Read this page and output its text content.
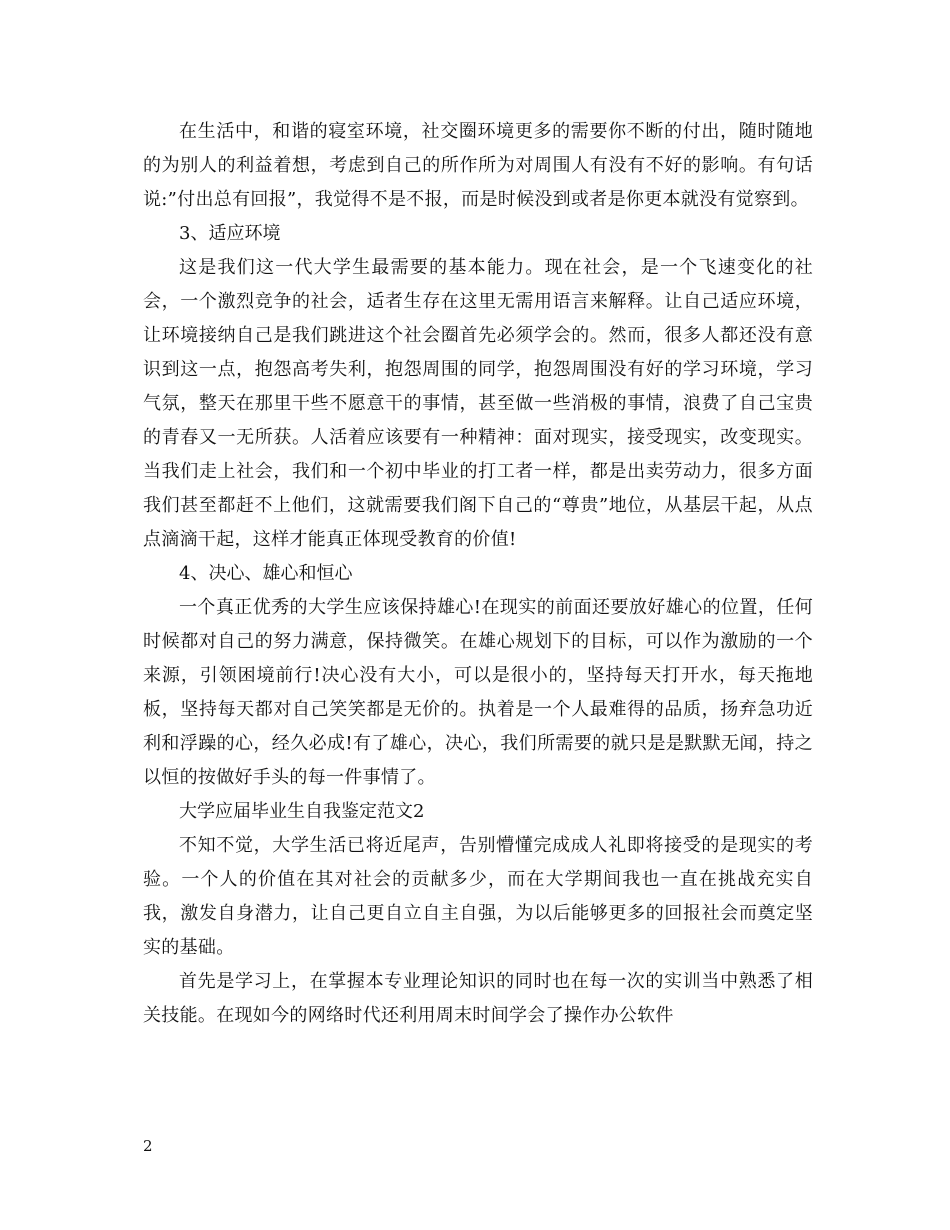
在生活中，和谐的寝室环境，社交圈环境更多的需要你不断的付出，随时随地的为别人的利益着想，考虑到自己的所作所为对周围人有没有不好的影响。有句话说:”付出总有回报”，我觉得不是不报，而是时候没到或者是你更本就没有觉察到。

3、适应环境

这是我们这一代大学生最需要的基本能力。现在社会，是一个飞速变化的社会，一个激烈竞争的社会，适者生存在这里无需用语言来解释。让自己适应环境，让环境接纳自己是我们跳进这个社会圈首先必须学会的。然而，很多人都还没有意识到这一点，抱怨高考失利，抱怨周围的同学，抱怨周围没有好的学习环境，学习气氛，整天在那里干些不愿意干的事情，甚至做一些消极的事情，浪费了自己宝贵的青春又一无所获。人活着应该要有一种精神：面对现实，接受现实，改变现实。当我们走上社会，我们和一个初中毕业的打工者一样，都是出卖劳动力，很多方面我们甚至都赶不上他们，这就需要我们阁下自己的“尊贵”地位，从基层干起，从点点滴滴干起，这样才能真正体现受教育的价值!

4、决心、雄心和恒心

一个真正优秀的大学生应该保持雄心!在现实的前面还要放好雄心的位置，任何时候都对自己的努力满意，保持微笑。在雄心规划下的目标，可以作为激励的一个来源，引领困境前行!决心没有大小，可以是很小的，坚持每天打开水，每天拖地板，坚持每天都对自己笑笑都是无价的。执着是一个人最难得的品质，扬弃急功近利和浮躁的心，经久必成!有了雄心，决心，我们所需要的就只是是默默无闻，持之以恒的按做好手头的每一件事情了。

大学应届毕业生自我鉴定范文2

不知不觉，大学生活已将近尾声，告别懵懂完成成人礼即将接受的是现实的考验。一个人的价值在其对社会的贡献多少，而在大学期间我也一直在挑战充实自我，激发自身潜力，让自己更自立自主自强，为以后能够更多的回报社会而奠定坚实的基础。

首先是学习上，在掌握本专业理论知识的同时也在每一次的实训当中熟悉了相关技能。在现如今的网络时代还利用周末时间学会了操作办公软件

2
